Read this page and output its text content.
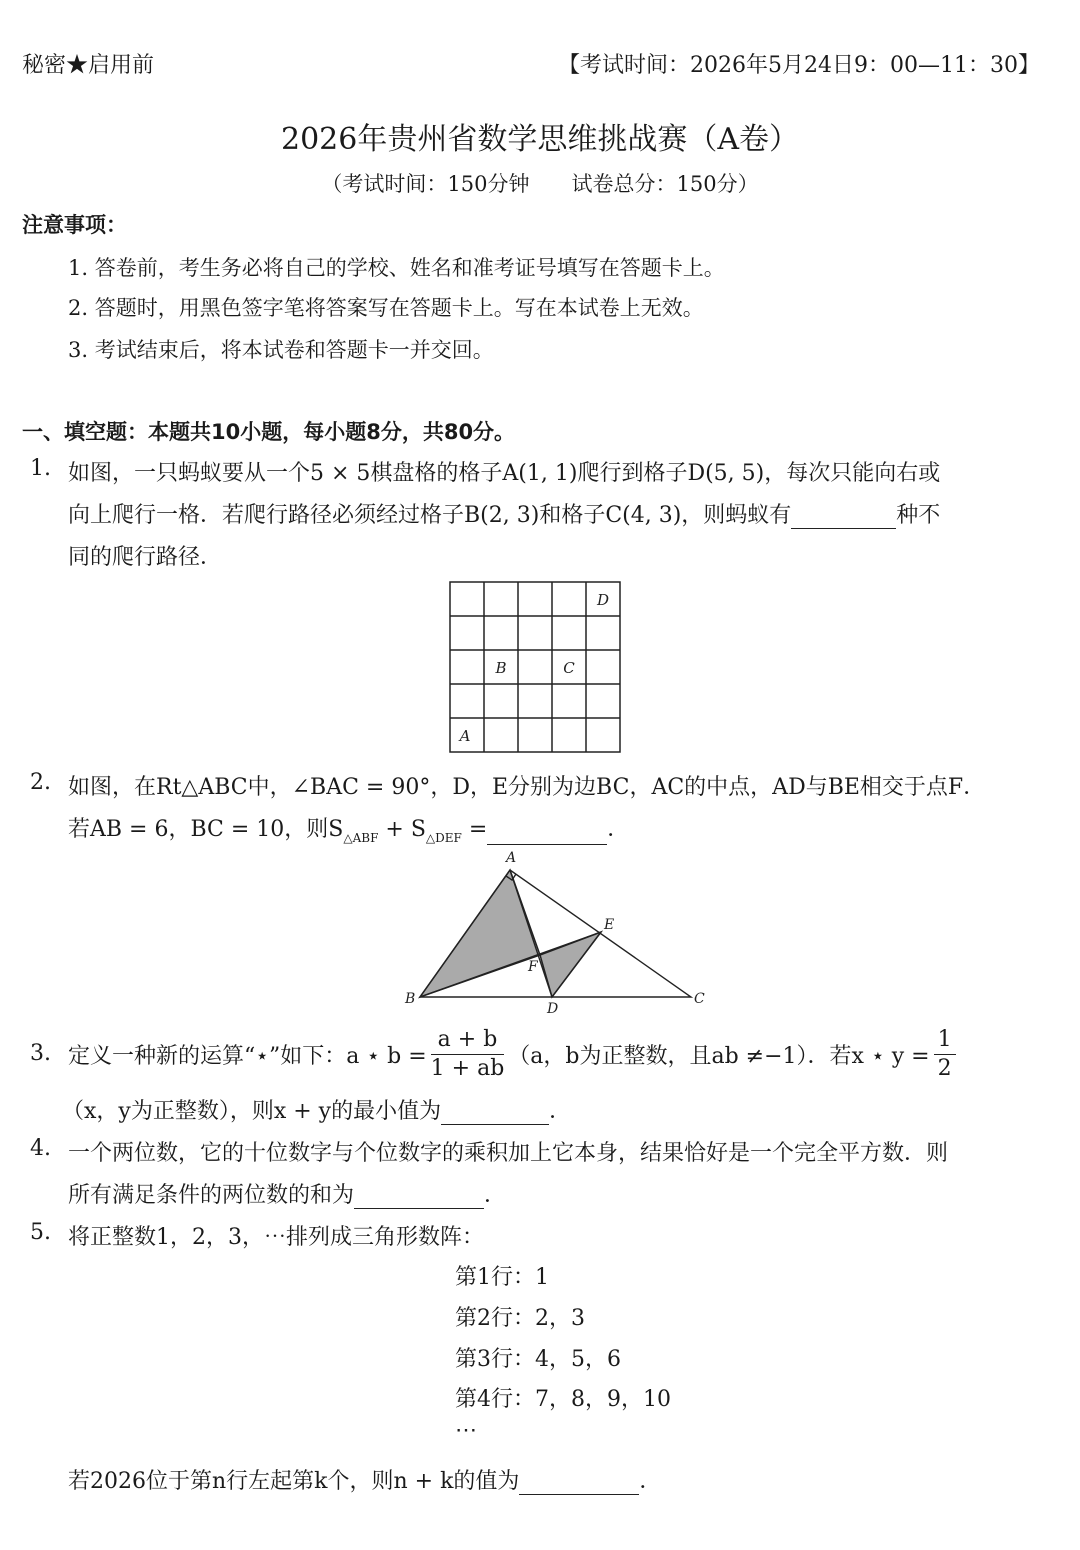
秘密★启用前	【考试时间：2026年5月24日9：00—11：30】
2026年贵州省数学思维挑战赛（A卷）
（考试时间：150分钟　　试卷总分：150分）
注意事项：
1. 答卷前，考生务必将自己的学校、姓名和准考证号填写在答题卡上。
2. 答题时，用黑色签字笔将答案写在答题卡上。写在本试卷上无效。
3. 考试结束后，将本试卷和答题卡一并交回。
一、填空题：本题共10小题，每小题8分，共80分。
1. 如图，一只蚂蚁要从一个5 × 5棋盘格的格子A(1, 1)爬行到格子D(5, 5)，每次只能向右或
向上爬行一格．若爬行路径必须经过格子B(2, 3)和格子C(4, 3)，则蚂蚁有	种不
同的爬行路径．
D
B	C
A
2. 如图，在Rt△ABC中，∠BAC = 90°，D，E分别为边BC，AC的中点，AD与BE相交于点F．
若AB = 6，BC = 10，则$S_{\triangle ABF} + S_{\triangle DEF}$ =	．
A
B	C
D
E
F
3. 定义一种新的运算“⋆”如下：a ⋆ $b = \frac{a + b}{1 + ab} (a$，b为正整数，且ab ≠−1）．若x ⋆ $y = \frac{1}{2}$
（x，y为正整数），则x + y的最小值为	．
4. 一个两位数，它的十位数字与个位数字的乘积加上它本身，结果恰好是一个完全平方数．则
所有满足条件的两位数的和为	．
5. 将正整数1，2，3，⋯排列成三角形数阵：
第1行：1
第2行：2，3
第3行：4，5，6
第4行：7，8，9，10
⋯
若2026位于第n行左起第k个，则n + k的值为	．
